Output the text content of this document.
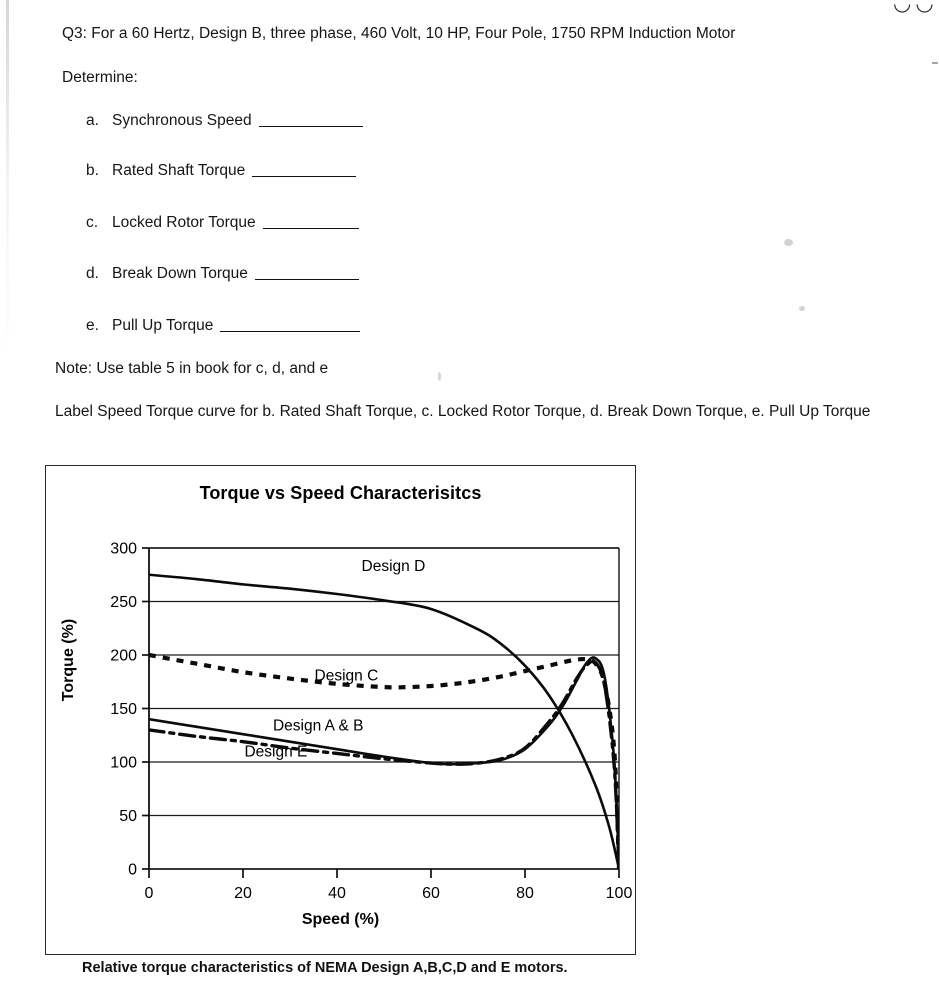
◡◡
Q3: For a 60 Hertz, Design B, three phase, 460 Volt, 10 HP, Four Pole, 1750 RPM Induction Motor
Determine:
a. Synchronous Speed
b. Rated Shaft Torque
c. Locked Rotor Torque
d. Break Down Torque
e. Pull Up Torque
Note: Use table 5 in book for c, d, and e
Label Speed Torque curve for b. Rated Shaft Torque, c. Locked Rotor Torque, d. Break Down Torque, e. Pull Up Torque
Torque vs Speed Characterisitcs
Torque (%)
Speed (%)
0
50
100
150
200
250
300
0	20	40	60	80	100
Design D
Design C
Design A & B
Design E
Relative torque characteristics of NEMA Design A,B,C,D and E motors.
